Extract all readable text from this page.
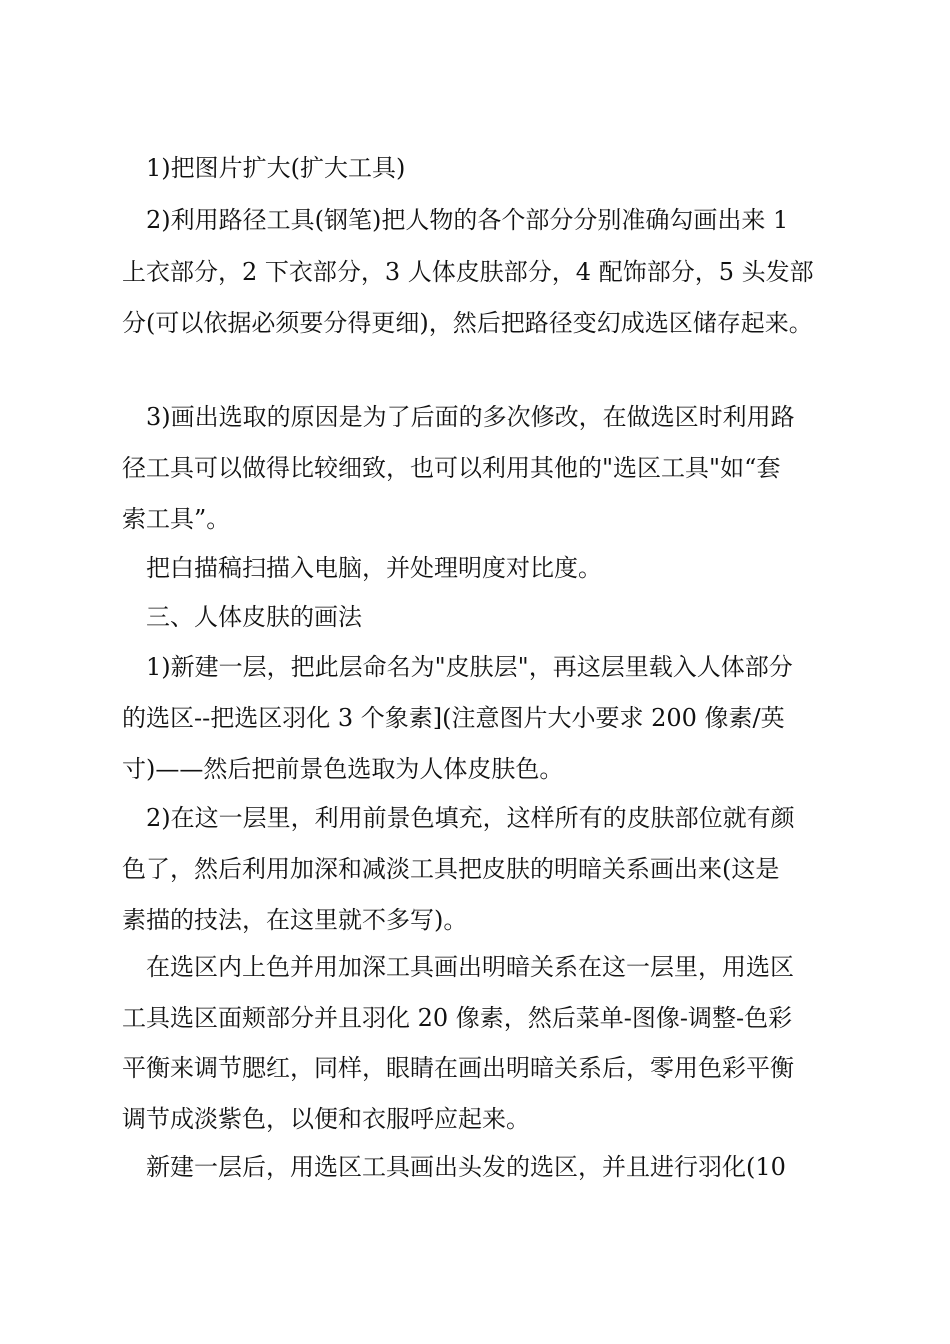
1)把图片扩大(扩大工具)
2)利用路径工具(钢笔)把人物的各个部分分别准确勾画出来 1
上衣部分，2 下衣部分，3 人体皮肤部分，4 配饰部分，5 头发部
分(可以依据必须要分得更细)，然后把路径变幻成选区储存起来。
3)画出选取的原因是为了后面的多次修改，在做选区时利用路
径工具可以做得比较细致，也可以利用其他的"选区工具"如“套
索工具”。
把白描稿扫描入电脑，并处理明度对比度。
三、人体皮肤的画法
1)新建一层，把此层命名为"皮肤层"，再这层里载入人体部分
的选区--把选区羽化 3 个象素](注意图片大小要求 200 像素/英
寸)——然后把前景色选取为人体皮肤色。
2)在这一层里，利用前景色填充，这样所有的皮肤部位就有颜
色了，然后利用加深和减淡工具把皮肤的明暗关系画出来(这是
素描的技法，在这里就不多写)。
在选区内上色并用加深工具画出明暗关系在这一层里，用选区
工具选区面颊部分并且羽化 20 像素，然后菜单-图像-调整-色彩
平衡来调节腮红，同样，眼睛在画出明暗关系后，零用色彩平衡
调节成淡紫色，以便和衣服呼应起来。
新建一层后，用选区工具画出头发的选区，并且进行羽化(10
